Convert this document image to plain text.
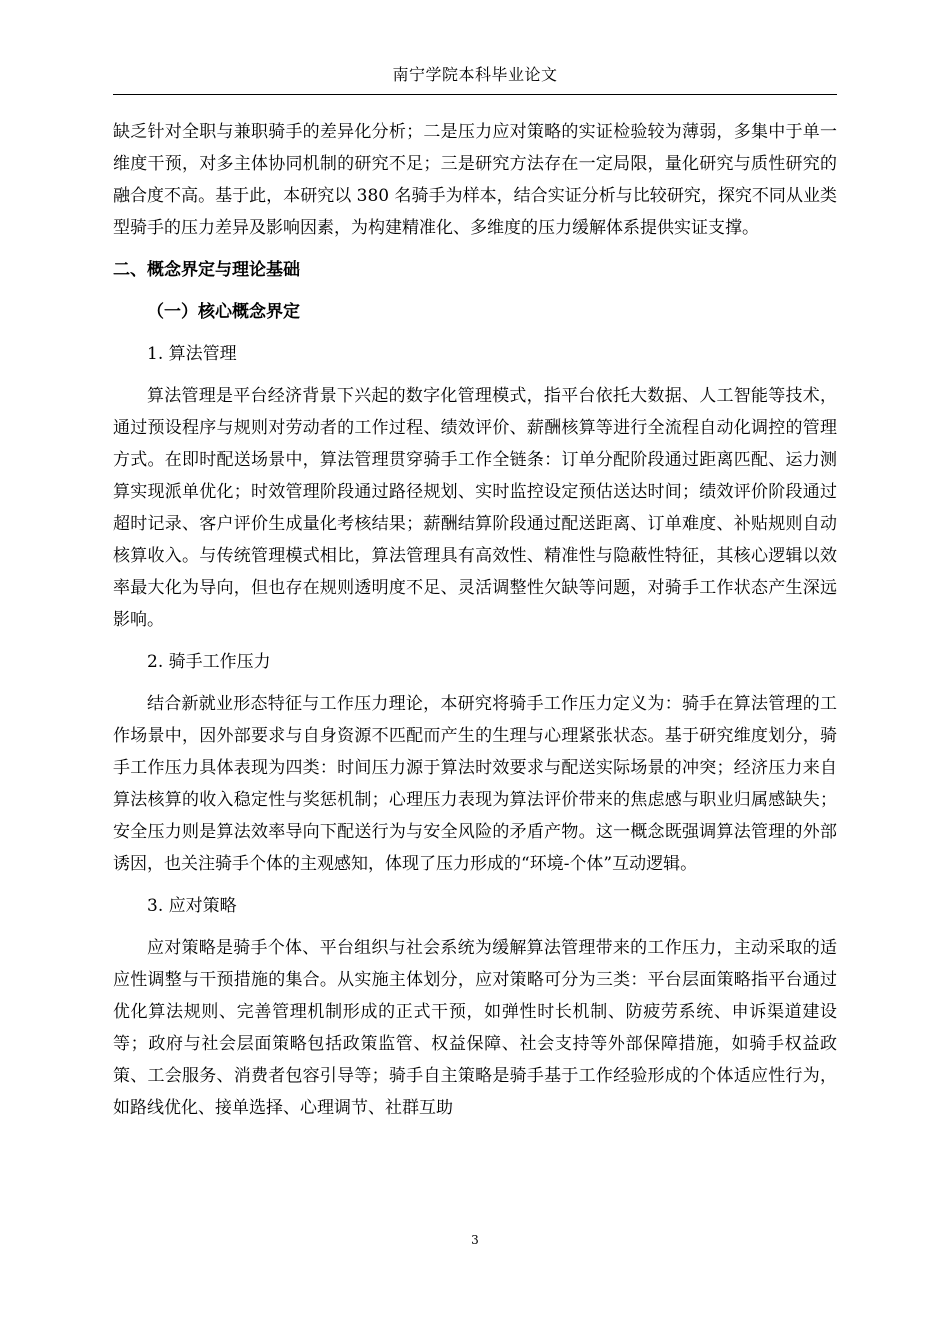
南宁学院本科毕业论文

缺乏针对全职与兼职骑手的差异化分析；二是压力应对策略的实证检验较为薄弱，多集中于单一维度干预，对多主体协同机制的研究不足；三是研究方法存在一定局限，量化研究与质性研究的融合度不高。基于此，本研究以 380 名骑手为样本，结合实证分析与比较研究，探究不同从业类型骑手的压力差异及影响因素，为构建精准化、多维度的压力缓解体系提供实证支撑。

二、概念界定与理论基础

（一）核心概念界定

1. 算法管理

算法管理是平台经济背景下兴起的数字化管理模式，指平台依托大数据、人工智能等技术，通过预设程序与规则对劳动者的工作过程、绩效评价、薪酬核算等进行全流程自动化调控的管理方式。在即时配送场景中，算法管理贯穿骑手工作全链条：订单分配阶段通过距离匹配、运力测算实现派单优化；时效管理阶段通过路径规划、实时监控设定预估送达时间；绩效评价阶段通过超时记录、客户评价生成量化考核结果；薪酬结算阶段通过配送距离、订单难度、补贴规则自动核算收入。与传统管理模式相比，算法管理具有高效性、精准性与隐蔽性特征，其核心逻辑以效率最大化为导向，但也存在规则透明度不足、灵活调整性欠缺等问题，对骑手工作状态产生深远影响。

2. 骑手工作压力

结合新就业形态特征与工作压力理论，本研究将骑手工作压力定义为：骑手在算法管理的工作场景中，因外部要求与自身资源不匹配而产生的生理与心理紧张状态。基于研究维度划分，骑手工作压力具体表现为四类：时间压力源于算法时效要求与配送实际场景的冲突；经济压力来自算法核算的收入稳定性与奖惩机制；心理压力表现为算法评价带来的焦虑感与职业归属感缺失；安全压力则是算法效率导向下配送行为与安全风险的矛盾产物。这一概念既强调算法管理的外部诱因，也关注骑手个体的主观感知，体现了压力形成的“环境-个体”互动逻辑。

3. 应对策略

应对策略是骑手个体、平台组织与社会系统为缓解算法管理带来的工作压力，主动采取的适应性调整与干预措施的集合。从实施主体划分，应对策略可分为三类：平台层面策略指平台通过优化算法规则、完善管理机制形成的正式干预，如弹性时长机制、防疲劳系统、申诉渠道建设等；政府与社会层面策略包括政策监管、权益保障、社会支持等外部保障措施，如骑手权益政策、工会服务、消费者包容引导等；骑手自主策略是骑手基于工作经验形成的个体适应性行为，如路线优化、接单选择、心理调节、社群互助

3
